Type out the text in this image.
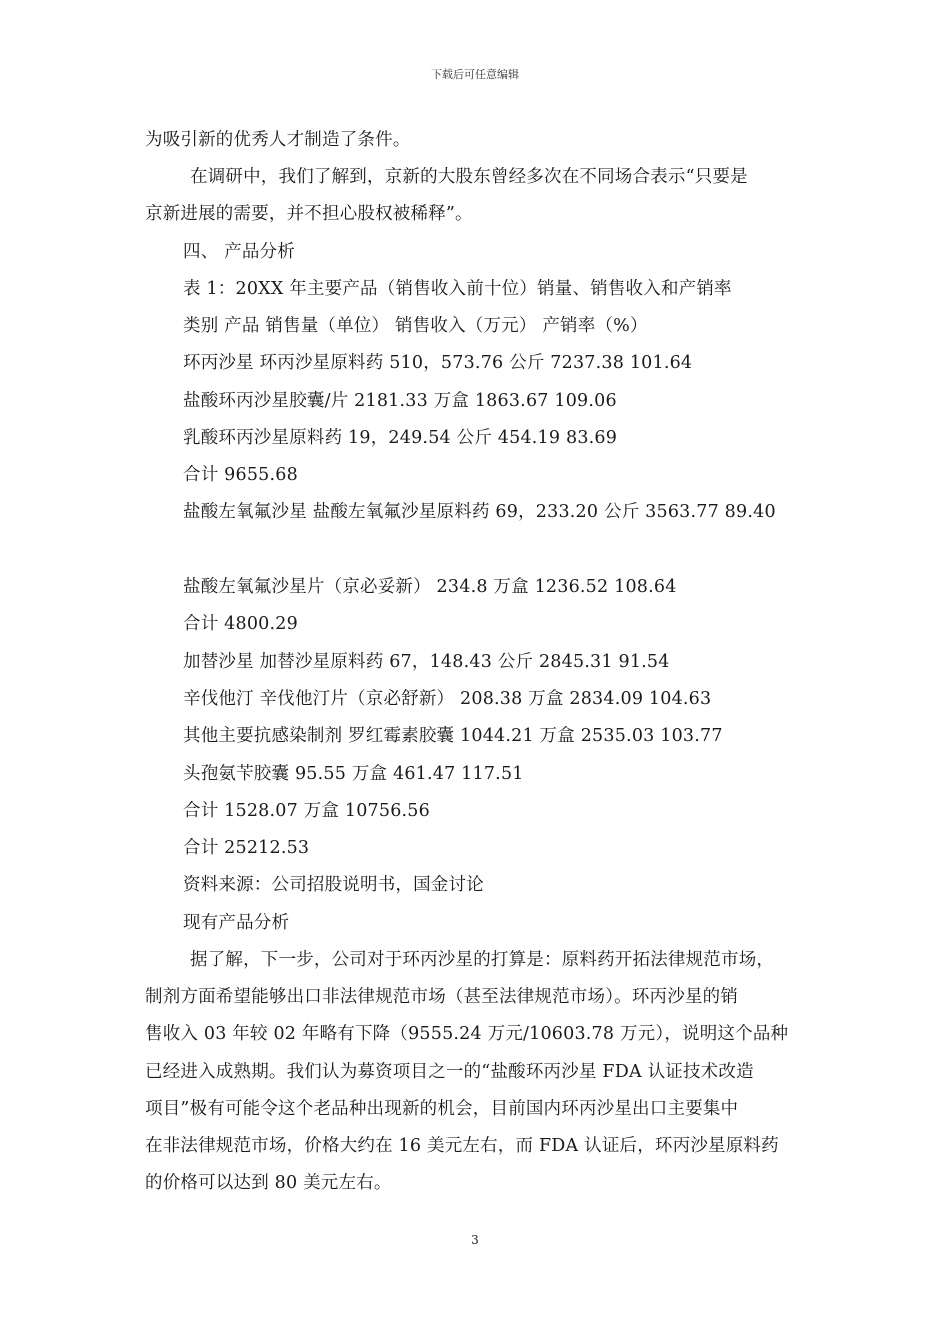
下载后可任意编辑
为吸引新的优秀人才制造了条件。
在调研中，我们了解到，京新的大股东曾经多次在不同场合表示“只要是
京新进展的需要，并不担心股权被稀释”。
四、 产品分析
表 1：20XX 年主要产品（销售收入前十位）销量、销售收入和产销率
类别 产品 销售量（单位） 销售收入（万元） 产销率（%）
环丙沙星 环丙沙星原料药 510，573.76 公斤 7237.38 101.64
盐酸环丙沙星胶囊/片 2181.33 万盒 1863.67 109.06
乳酸环丙沙星原料药 19，249.54 公斤 454.19 83.69
合计 9655.68
盐酸左氧氟沙星 盐酸左氧氟沙星原料药 69，233.20 公斤 3563.77 89.40
盐酸左氧氟沙星片（京必妥新） 234.8 万盒 1236.52 108.64
合计 4800.29
加替沙星 加替沙星原料药 67，148.43 公斤 2845.31 91.54
辛伐他汀 辛伐他汀片（京必舒新） 208.38 万盒 2834.09 104.63
其他主要抗感染制剂 罗红霉素胶囊 1044.21 万盒 2535.03 103.77
头孢氨苄胶囊 95.55 万盒 461.47 117.51
合计 1528.07 万盒 10756.56
合计 25212.53
资料来源：公司招股说明书，国金讨论
现有产品分析
据了解，下一步，公司对于环丙沙星的打算是：原料药开拓法律规范市场，
制剂方面希望能够出口非法律规范市场（甚至法律规范市场）。环丙沙星的销
售收入 03 年较 02 年略有下降（9555.24 万元/10603.78 万元），说明这个品种
已经进入成熟期。我们认为募资项目之一的“盐酸环丙沙星 FDA 认证技术改造
项目”极有可能令这个老品种出现新的机会，目前国内环丙沙星出口主要集中
在非法律规范市场，价格大约在 16 美元左右，而 FDA 认证后，环丙沙星原料药
的价格可以达到 80 美元左右。
3
